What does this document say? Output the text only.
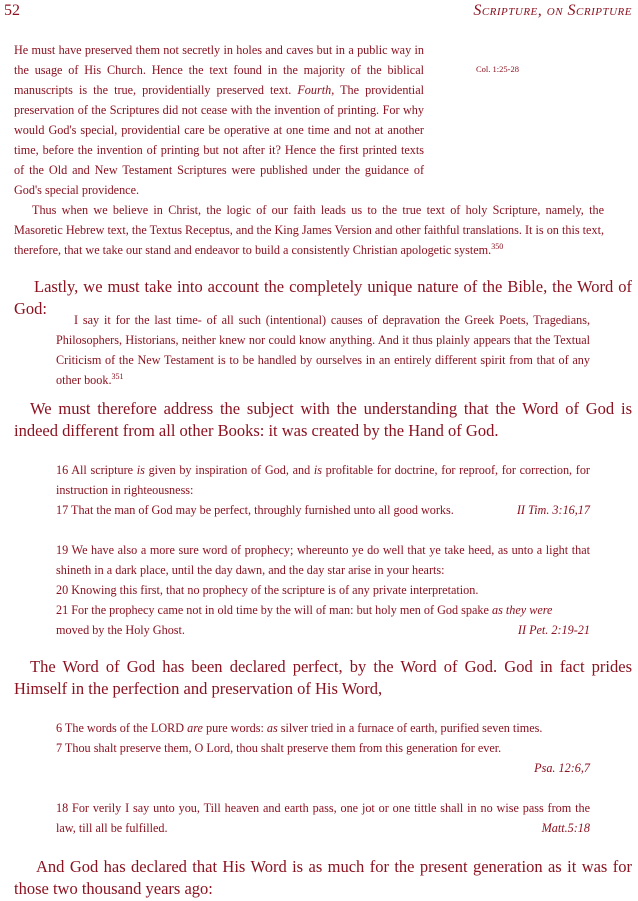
52	Scripture, on Scripture

He must have preserved them not secretly in holes and caves but in a public way in the usage of His Church. Hence the text found in the majority of the biblical manuscripts is the true, providentially preserved text. Fourth, The providential preservation of the Scriptures did not cease with the invention of printing. For why would God's special, providential care be operative at one time and not at another time, before the invention of printing but not after it? Hence the first printed texts of the Old and New Testament Scriptures were published under the guidance of God's special providence.

Col. 1:25-28

Thus when we believe in Christ, the logic of our faith leads us to the true text of holy Scripture, namely, the Masoretic Hebrew text, the Textus Receptus, and the King James Version and other faithful translations. It is on this text, therefore, that we take our stand and endeavor to build a consistently Christian apologetic system.$^{350}$

Lastly, we must take into account the completely unique nature of the Bible, the Word of God:

I say it for the last time- of all such (intentional) causes of depravation the Greek Poets, Tragedians, Philosophers, Historians, neither knew nor could know anything. And it thus plainly appears that the Textual Criticism of the New Testament is to be handled by ourselves in an entirely different spirit from that of any other book.$^{351}$

We must therefore address the subject with the understanding that the Word of God is indeed different from all other Books: it was created by the Hand of God.

16 All scripture is given by inspiration of God, and is profitable for doctrine, for reproof, for correction, for instruction in righteousness:

17 That the man of God may be perfect, throughly furnished unto all good works.	II Tim. 3:16,17

19 We have also a more sure word of prophecy; whereunto ye do well that ye take heed, as unto a light that shineth in a dark place, until the day dawn, and the day star arise in your hearts:

20 Knowing this first, that no prophecy of the scripture is of any private interpretation.

21 For the prophecy came not in old time by the will of man: but holy men of God spake as they were

moved by the Holy Ghost.	II Pet. 2:19-21

The Word of God has been declared perfect, by the Word of God. God in fact prides Himself in the perfection and preservation of His Word,

6 The words of the LORD are pure words: as silver tried in a furnace of earth, purified seven times.

7 Thou shalt preserve them, O Lord, thou shalt preserve them from this generation for ever.

Psa. 12:6,7

18 For verily I say unto you, Till heaven and earth pass, one jot or one tittle shall in no wise pass from the law, till all be fulfilled.	Matt.5:18

And God has declared that His Word is as much for the present generation as it was for those two thousand years ago:
